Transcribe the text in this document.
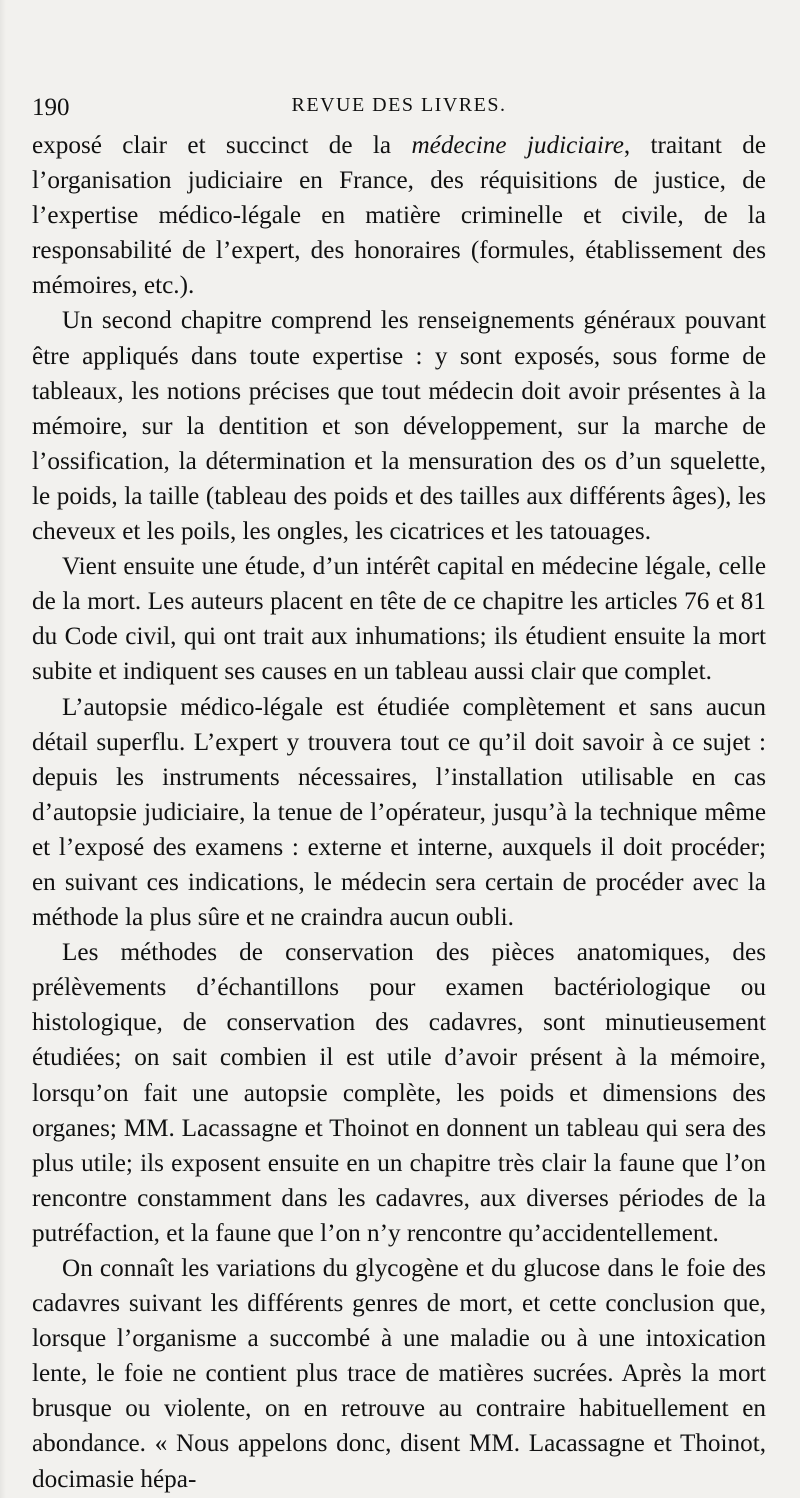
190	REVUE DES LIVRES.

exposé clair et succinct de la médecine judiciaire, traitant de l’organisation judiciaire en France, des réquisitions de justice, de l’expertise médico-légale en matière criminelle et civile, de la responsabilité de l’expert, des honoraires (formules, établissement des mémoires, etc.).

Un second chapitre comprend les renseignements généraux pouvant être appliqués dans toute expertise : y sont exposés, sous forme de tableaux, les notions précises que tout médecin doit avoir présentes à la mémoire, sur la dentition et son développement, sur la marche de l’ossification, la détermination et la mensuration des os d’un squelette, le poids, la taille (tableau des poids et des tailles aux différents âges), les cheveux et les poils, les ongles, les cicatrices et les tatouages.

Vient ensuite une étude, d’un intérêt capital en médecine légale, celle de la mort. Les auteurs placent en tête de ce chapitre les articles 76 et 81 du Code civil, qui ont trait aux inhumations; ils étudient ensuite la mort subite et indiquent ses causes en un tableau aussi clair que complet.

L’autopsie médico-légale est étudiée complètement et sans aucun détail superflu. L’expert y trouvera tout ce qu’il doit savoir à ce sujet : depuis les instruments nécessaires, l’installation utilisable en cas d’autopsie judiciaire, la tenue de l’opérateur, jusqu’à la technique même et l’exposé des examens : externe et interne, auxquels il doit procéder; en suivant ces indications, le médecin sera certain de procéder avec la méthode la plus sûre et ne craindra aucun oubli.

Les méthodes de conservation des pièces anatomiques, des prélèvements d’échantillons pour examen bactériologique ou histologique, de conservation des cadavres, sont minutieusement étudiées; on sait combien il est utile d’avoir présent à la mémoire, lorsqu’on fait une autopsie complète, les poids et dimensions des organes; MM. Lacassagne et Thoinot en donnent un tableau qui sera des plus utile; ils exposent ensuite en un chapitre très clair la faune que l’on rencontre constamment dans les cadavres, aux diverses périodes de la putréfaction, et la faune que l’on n’y rencontre qu’accidentellement.

On connaît les variations du glycogène et du glucose dans le foie des cadavres suivant les différents genres de mort, et cette conclusion que, lorsque l’organisme a succombé à une maladie ou à une intoxication lente, le foie ne contient plus trace de matières sucrées. Après la mort brusque ou violente, on en retrouve au contraire habituellement en abondance. « Nous appelons donc, disent MM. Lacassagne et Thoinot, docimasie hépa-
